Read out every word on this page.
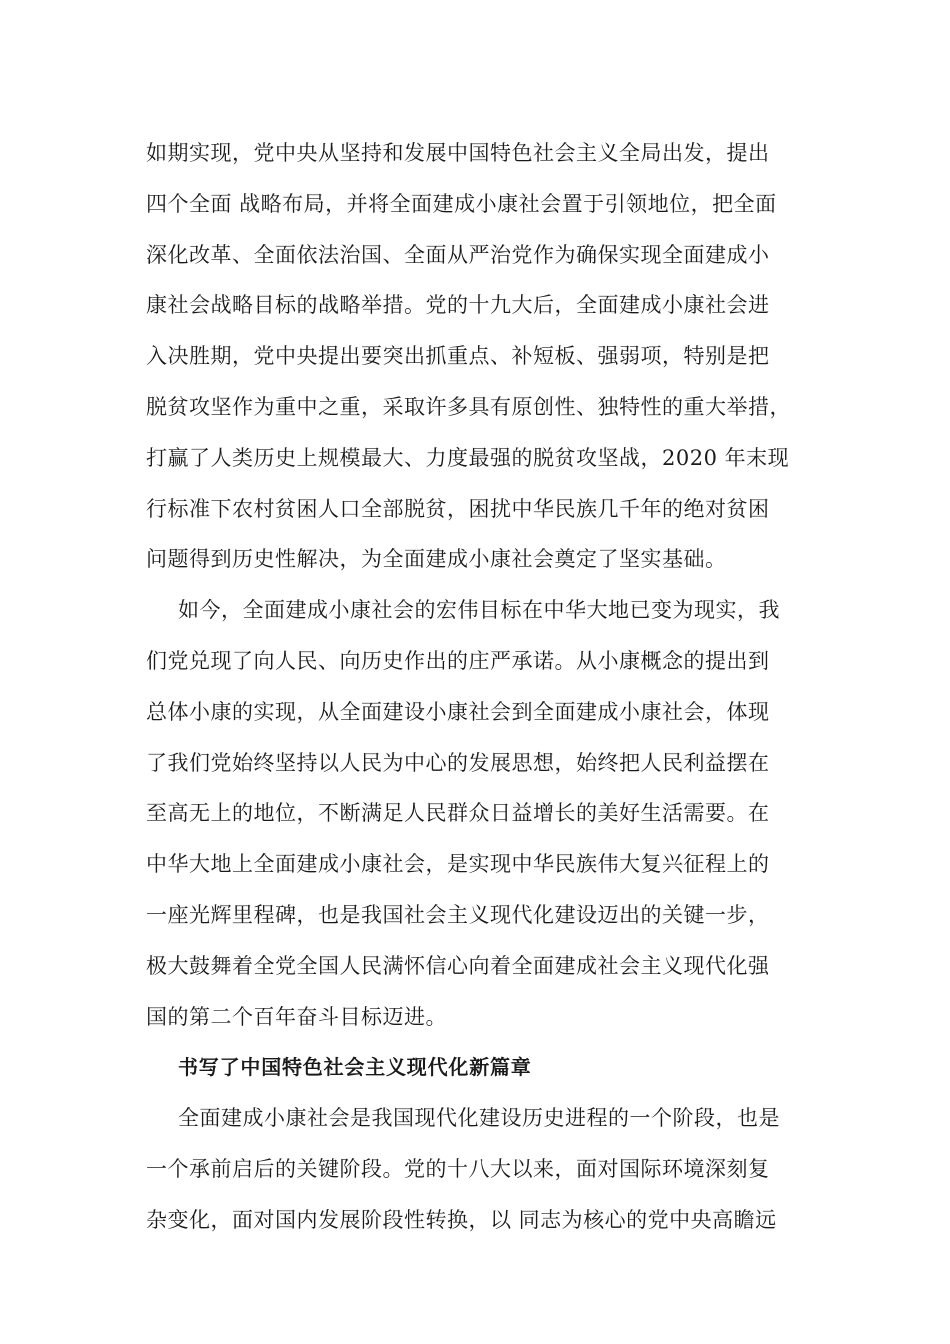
如期实现，党中央从坚持和发展中国特色社会主义全局出发，提出
四个全面 战略布局，并将全面建成小康社会置于引领地位，把全面
深化改革、全面依法治国、全面从严治党作为确保实现全面建成小
康社会战略目标的战略举措。党的十九大后，全面建成小康社会进
入决胜期，党中央提出要突出抓重点、补短板、强弱项，特别是把
脱贫攻坚作为重中之重，采取许多具有原创性、独特性的重大举措，
打赢了人类历史上规模最大、力度最强的脱贫攻坚战，2020 年末现
行标准下农村贫困人口全部脱贫，困扰中华民族几千年的绝对贫困
问题得到历史性解决，为全面建成小康社会奠定了坚实基础。
如今，全面建成小康社会的宏伟目标在中华大地已变为现实，我
们党兑现了向人民、向历史作出的庄严承诺。从小康概念的提出到
总体小康的实现，从全面建设小康社会到全面建成小康社会，体现
了我们党始终坚持以人民为中心的发展思想，始终把人民利益摆在
至高无上的地位，不断满足人民群众日益增长的美好生活需要。在
中华大地上全面建成小康社会，是实现中华民族伟大复兴征程上的
一座光辉里程碑，也是我国社会主义现代化建设迈出的关键一步，
极大鼓舞着全党全国人民满怀信心向着全面建成社会主义现代化强
国的第二个百年奋斗目标迈进。
书写了中国特色社会主义现代化新篇章
全面建成小康社会是我国现代化建设历史进程的一个阶段，也是
一个承前启后的关键阶段。党的十八大以来，面对国际环境深刻复
杂变化，面对国内发展阶段性转换，以 同志为核心的党中央高瞻远
